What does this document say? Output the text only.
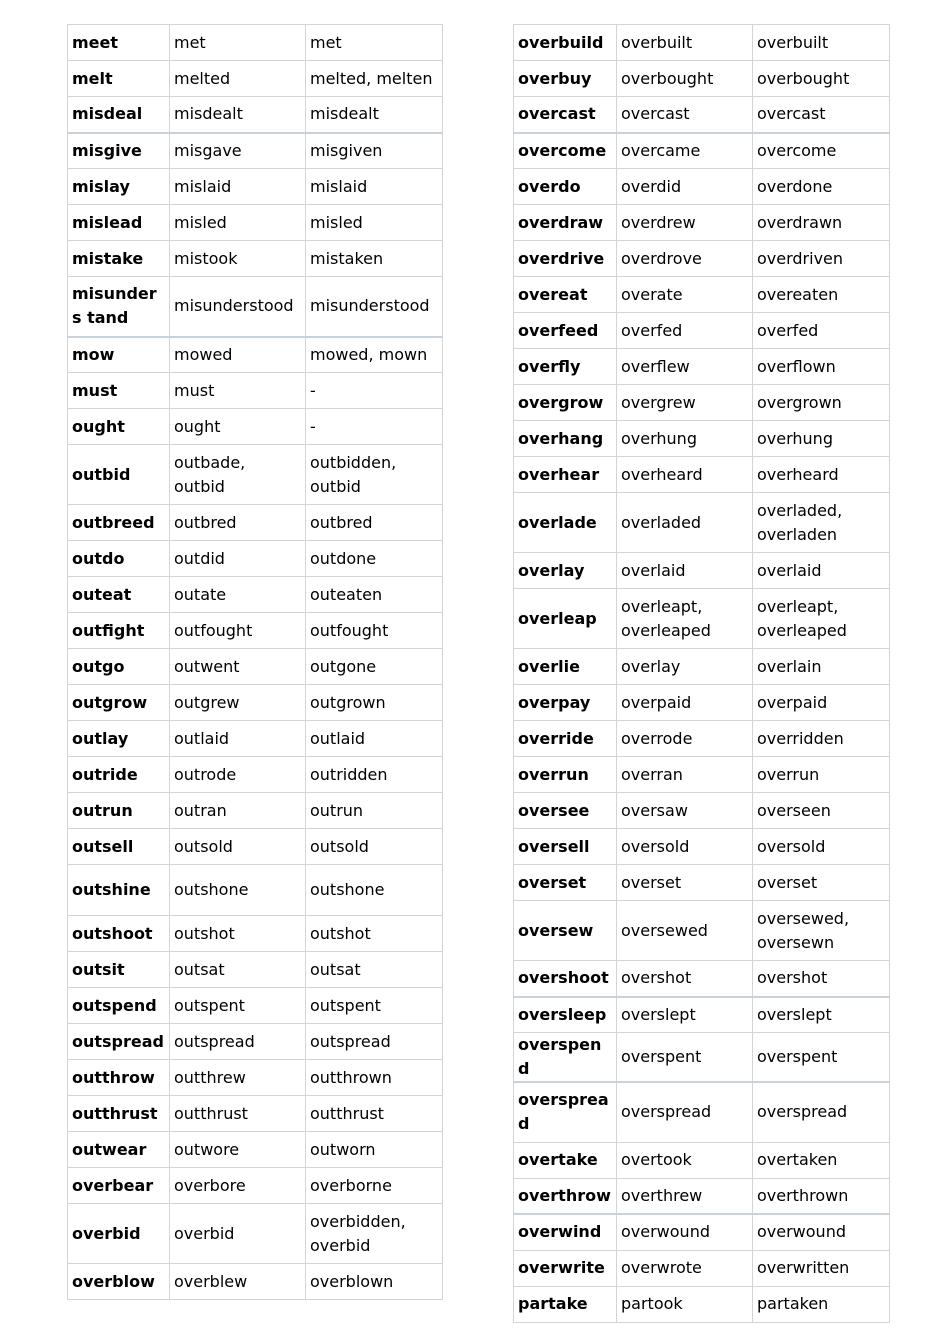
meet	met	met
melt	melted	melted, melten
misdeal	misdealt	misdealt
misgive	misgave	misgiven
mislay	mislaid	mislaid
mislead	misled	misled
mistake	mistook	mistaken
misunders tand	misunderstood	misunderstood
mow	mowed	mowed, mown
must	must	-
ought	ought	-
outbid	outbade, outbid	outbidden, outbid
outbreed	outbred	outbred
outdo	outdid	outdone
outeat	outate	outeaten
outfight	outfought	outfought
outgo	outwent	outgone
outgrow	outgrew	outgrown
outlay	outlaid	outlaid
outride	outrode	outridden
outrun	outran	outrun
outsell	outsold	outsold
outshine	outshone	outshone
outshoot	outshot	outshot
outsit	outsat	outsat
outspend	outspent	outspent
outspread	outspread	outspread
outthrow	outthrew	outthrown
outthrust	outthrust	outthrust
outwear	outwore	outworn
overbear	overbore	overborne
overbid	overbid	overbidden, overbid
overblow	overblew	overblown
overbuild	overbuilt	overbuilt
overbuy	overbought	overbought
overcast	overcast	overcast
overcome	overcame	overcome
overdo	overdid	overdone
overdraw	overdrew	overdrawn
overdrive	overdrove	overdriven
overeat	overate	overeaten
overfeed	overfed	overfed
overfly	overflew	overflown
overgrow	overgrew	overgrown
overhang	overhung	overhung
overhear	overheard	overheard
overlade	overladed	overladed, overladen
overlay	overlaid	overlaid
overleap	overleapt, overleaped	overleapt, overleaped
overlie	overlay	overlain
overpay	overpaid	overpaid
override	overrode	overridden
overrun	overran	overrun
oversee	oversaw	overseen
oversell	oversold	oversold
overset	overset	overset
oversew	oversewed	oversewed, oversewn
overshoot	overshot	overshot
oversleep	overslept	overslept
overspend	overspent	overspent
overspread	overspread	overspread
overtake	overtook	overtaken
overthrow	overthrew	overthrown
overwind	overwound	overwound
overwrite	overwrote	overwritten
partake	partook	partaken
